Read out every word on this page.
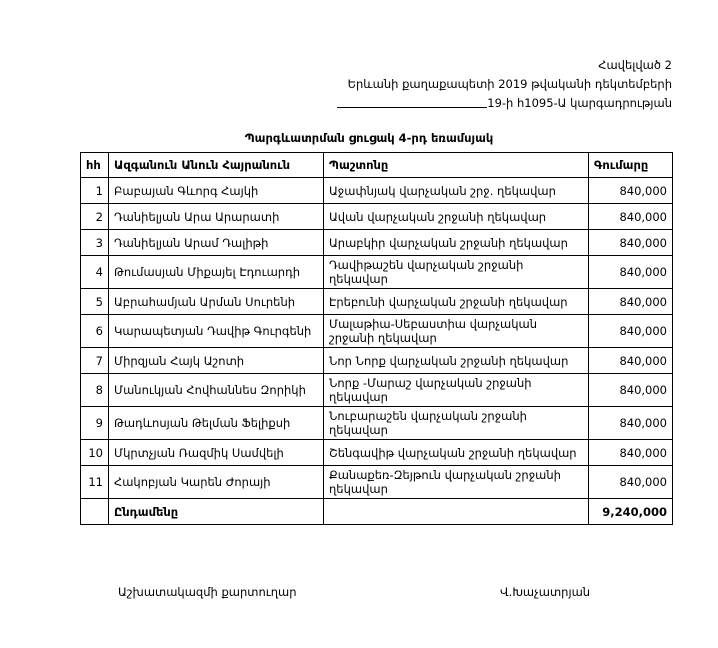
Հավելված 2
Երևանի քաղաքապետի 2019 թվականի դեկտեմբերի
19-ի հ1095-Ա կարգադրության
Պարգևատրման ցուցակ 4-րդ եռամսյակ
հհ	Ազգանուն Անուն Հայրանուն	Պաշտոնը	Գումարը
1	Բաբայան Գևորգ Հայկի	Աջափնյակ վարչական շրջ. ղեկավար	840,000
2	Դանիելյան Արա Արարատի	Ավան վարչական շրջանի ղեկավար	840,000
3	Դանիելյան Արամ Դալիթի	Արաբկիր վարչական շրջանի ղեկավար	840,000
4	Թումասյան Միքայել Էդուարդի	Դավիթաշեն վարչական շրջանի ղեկավար	840,000
5	Աբրահամյան Արման Սուրենի	Էրեբունի վարչական շրջանի ղեկավար	840,000
6	Կարապետյան Դավիթ Գուրգենի	Մալաթիա-Սեբաստիա վարչական շրջանի ղեկավար	840,000
7	Միրզյան Հայկ Աշոտի	Նոր Նորք վարչական շրջանի ղեկավար	840,000
8	Մանուկյան Հովհաննես Զորիկի	Նորք -Մարաշ վարչական շրջանի ղեկավար	840,000
9	Թադևոսյան Թելման Ֆելիքսի	Նուբարաշեն վարչական շրջանի ղեկավար	840,000
10	Մկրտչյան Ռազմիկ Սամվելի	Շենգավիթ վարչական շրջանի ղեկավար	840,000
11	Հակոբյան Կարեն Ժորայի	Քանաքեռ-Զեյթուն վարչական շրջանի ղեկավար	840,000
	Ընդամենը		9,240,000
Աշխատակազմի քարտուղար	Վ.Խաչատրյան
